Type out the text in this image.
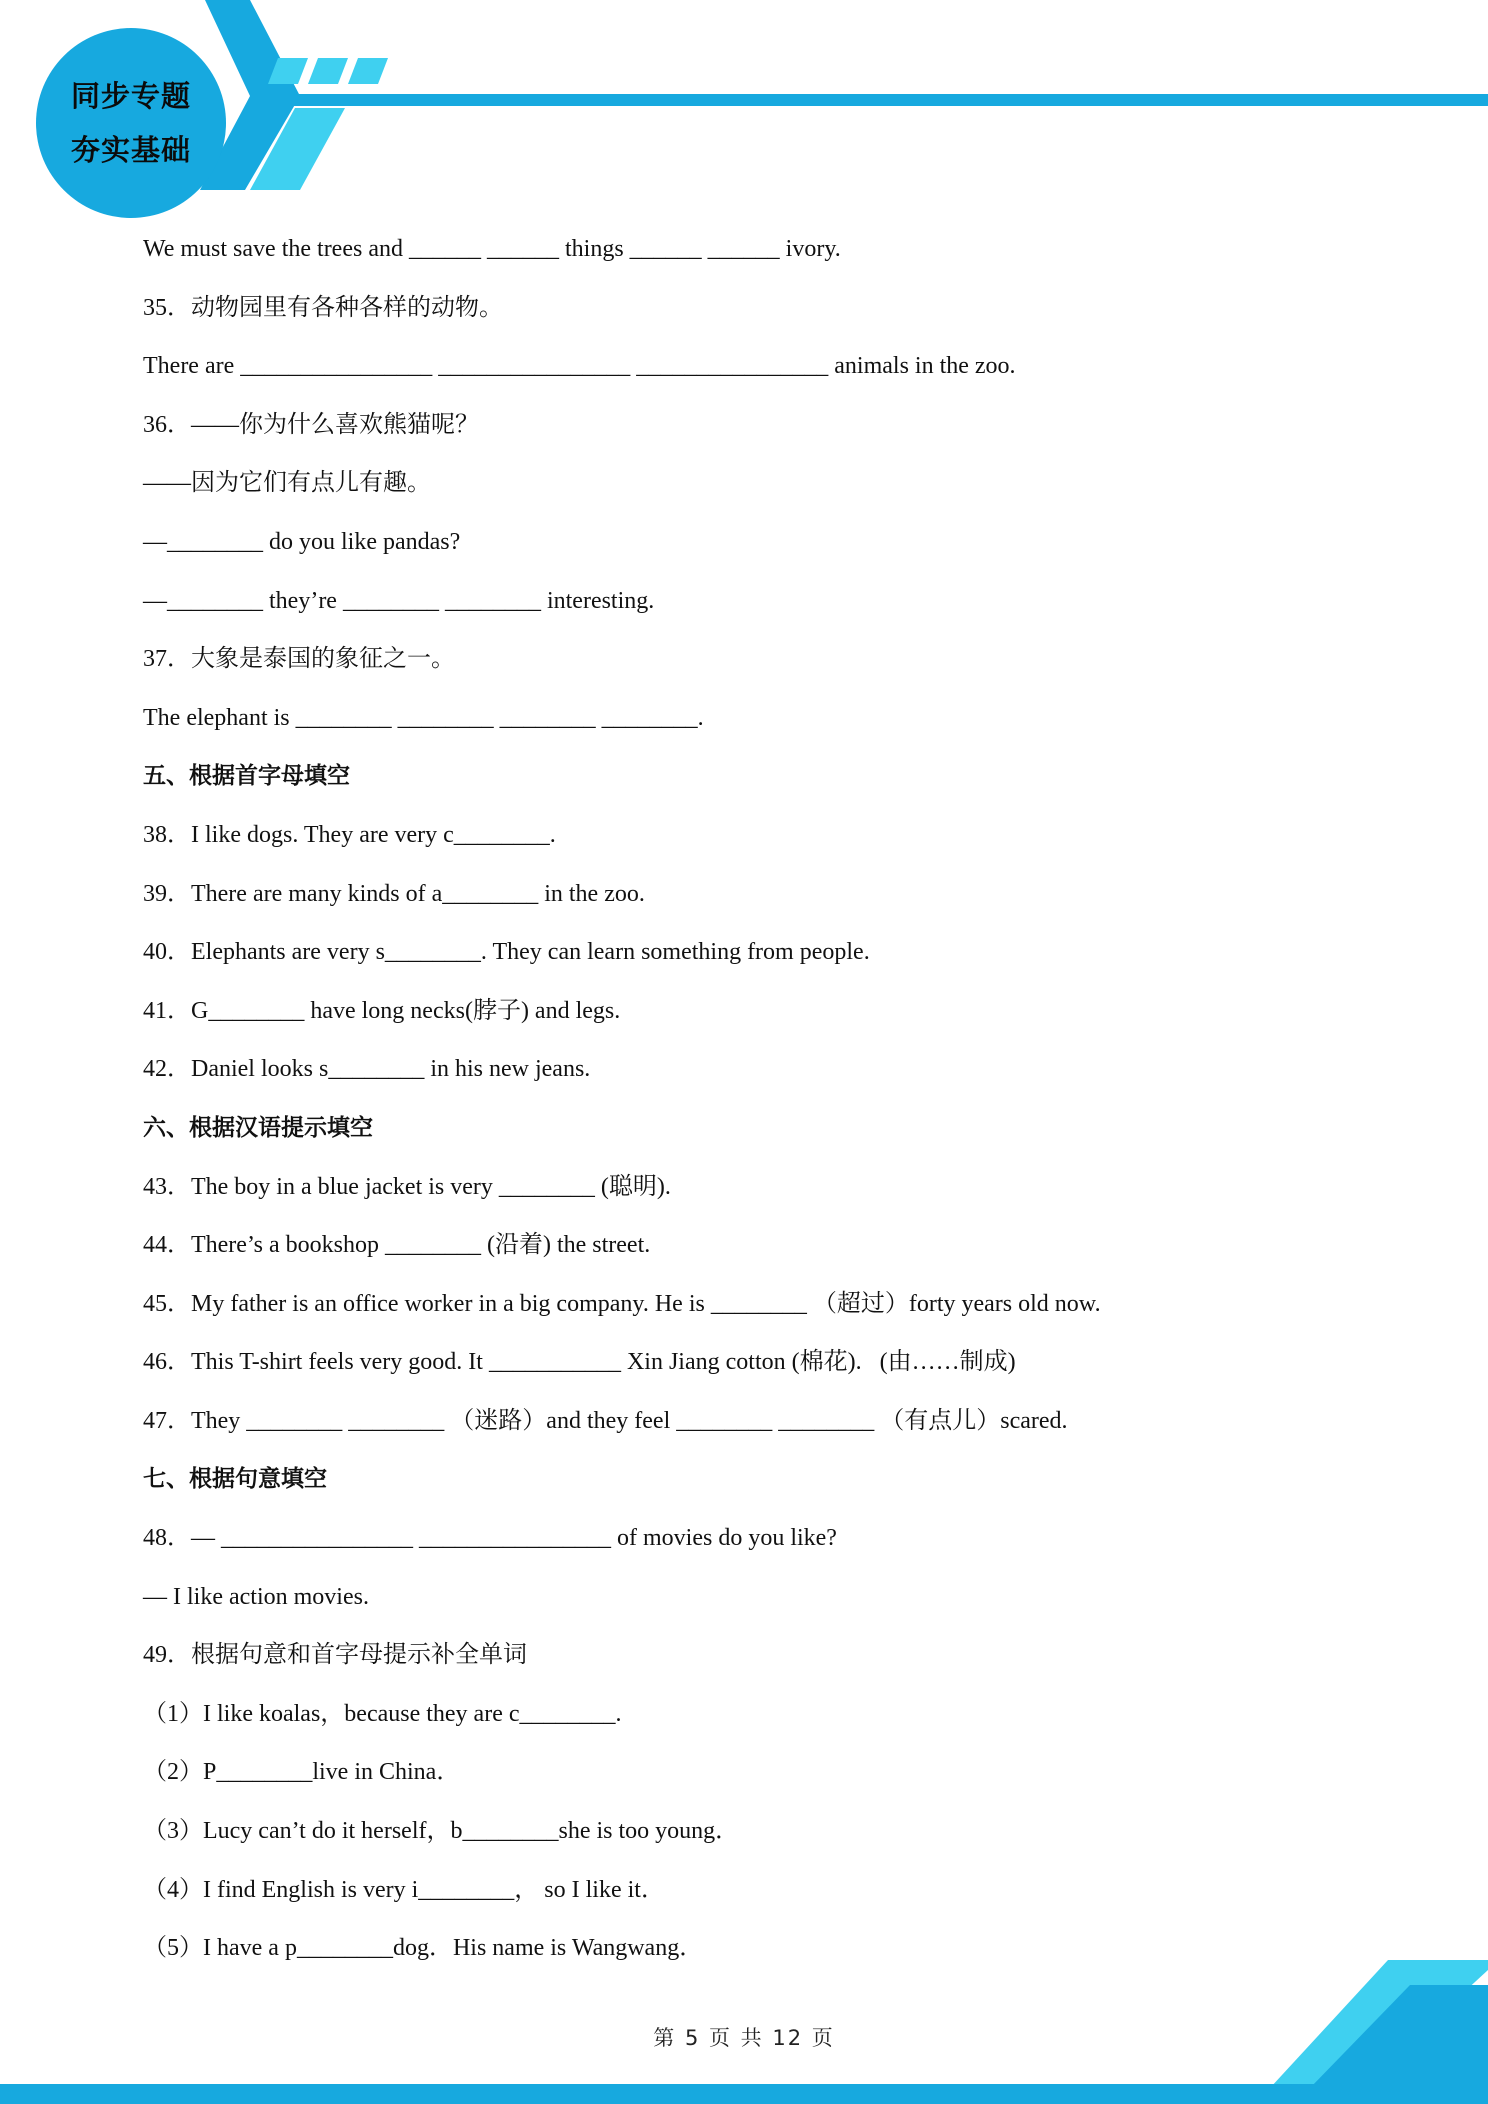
同步专题
夯实基础
We must save the trees and ______ ______ things ______ ______ ivory.
35．动物园里有各种各样的动物。
There are ________________ ________________ ________________ animals in the zoo.
36．——你为什么喜欢熊猫呢？
——因为它们有点儿有趣。
—________ do you like pandas?
—________ they’re ________ ________ interesting.
37．大象是泰国的象征之一。
The elephant is ________ ________ ________ ________.
五、根据首字母填空
38．I like dogs. They are very c________.
39．There are many kinds of a________ in the zoo.
40．Elephants are very s________. They can learn something from people.
41．G________ have long necks(脖子) and legs.
42．Daniel looks s________ in his new jeans.
六、根据汉语提示填空
43．The boy in a blue jacket is very ________ (聪明).
44．There’s a bookshop ________ (沿着) the street.
45．My father is an office worker in a big company. He is ________ （超过）forty years old now.
46．This T-shirt feels very good. It ___________ Xin Jiang cotton (棉花).   (由……制成)
47．They ________ ________ （迷路）and they feel ________ ________ （有点儿）scared.
七、根据句意填空
48．— ________________ ________________ of movies do you like?
— I like action movies.
49．根据句意和首字母提示补全单词
（1）I like koalas，because they are c________.
（2）P________live in China．
（3）Lucy can’t do it herself，b________she is too young．
（4）I find English is very i________， so I like it．
（5）I have a p________dog．His name is Wangwang．
第 5 页 共 12 页
